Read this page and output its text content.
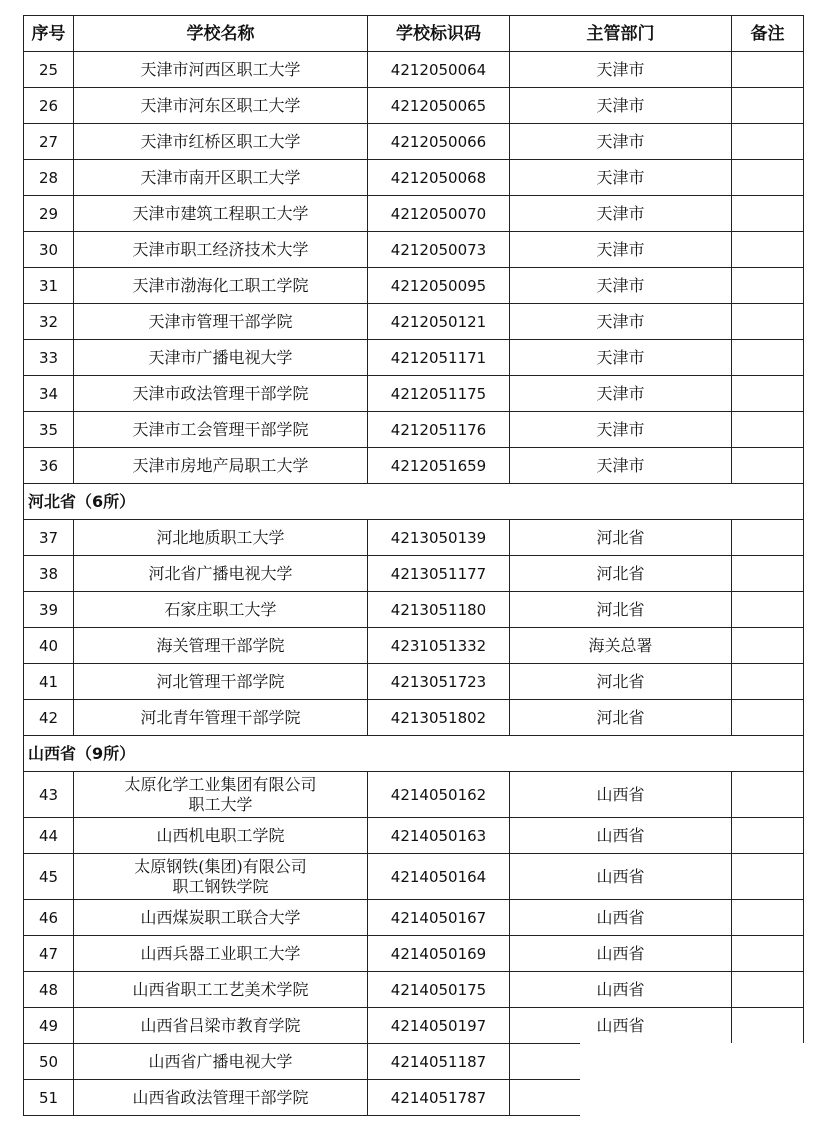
序号	学校名称	学校标识码	主管部门	备注
25	天津市河西区职工大学	4212050064	天津市	
26	天津市河东区职工大学	4212050065	天津市	
27	天津市红桥区职工大学	4212050066	天津市	
28	天津市南开区职工大学	4212050068	天津市	
29	天津市建筑工程职工大学	4212050070	天津市	
30	天津市职工经济技术大学	4212050073	天津市	
31	天津市渤海化工职工学院	4212050095	天津市	
32	天津市管理干部学院	4212050121	天津市	
33	天津市广播电视大学	4212051171	天津市	
34	天津市政法管理干部学院	4212051175	天津市	
35	天津市工会管理干部学院	4212051176	天津市	
36	天津市房地产局职工大学	4212051659	天津市	
河北省（6所）				
37	河北地质职工大学	4213050139	河北省	
38	河北省广播电视大学	4213051177	河北省	
39	石家庄职工大学	4213051180	河北省	
40	海关管理干部学院	4231051332	海关总署	
41	河北管理干部学院	4213051723	河北省	
42	河北青年管理干部学院	4213051802	河北省	
山西省（9所）				
43	太原化学工业集团有限公司
职工大学	4214050162	山西省	
44	山西机电职工学院	4214050163	山西省	
45	太原钢铁(集团)有限公司
职工钢铁学院	4214050164	山西省	
46	山西煤炭职工联合大学	4214050167	山西省	
47	山西兵器工业职工大学	4214050169	山西省	
48	山西省职工工艺美术学院	4214050175	山西省	
49	山西省吕梁市教育学院	4214050197	山西省	
50	山西省广播电视大学	4214051187		
51	山西省政法管理干部学院	4214051787		
